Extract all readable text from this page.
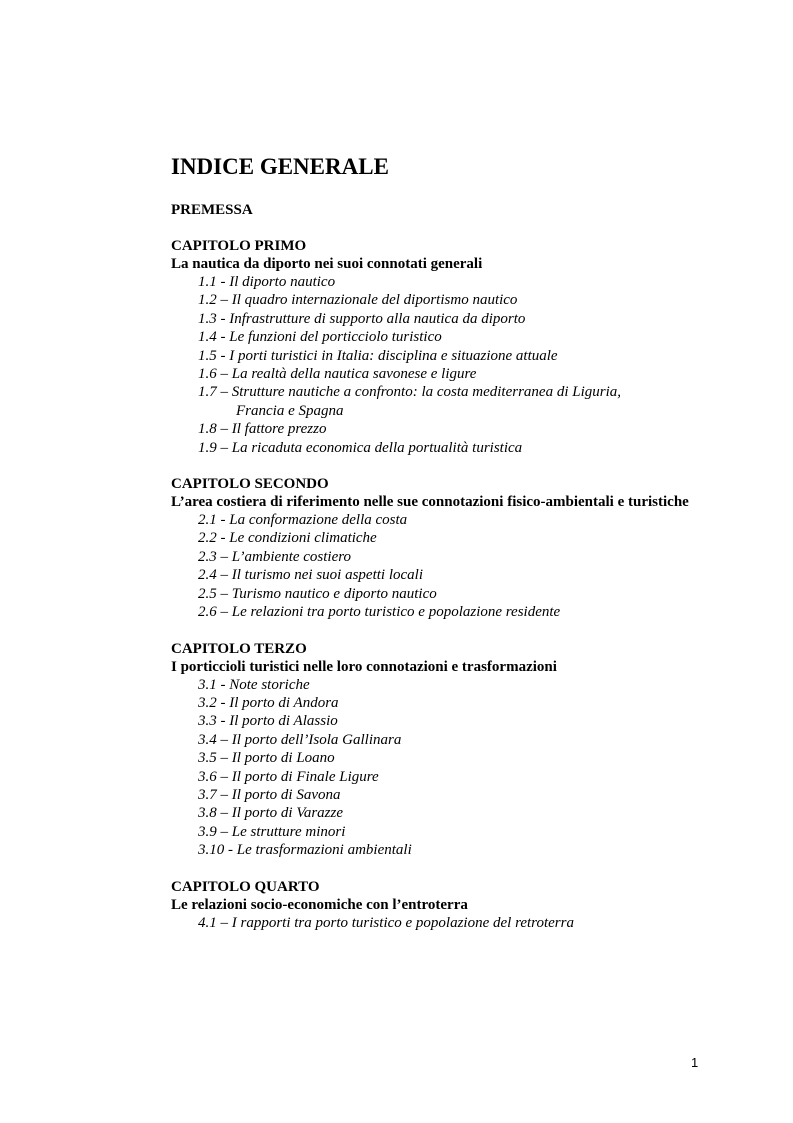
INDICE GENERALE
PREMESSA
CAPITOLO PRIMO
La nautica da diporto nei suoi connotati generali
1.1 - Il diporto nautico
1.2 – Il quadro internazionale del diportismo nautico
1.3 - Infrastrutture di supporto alla nautica da diporto
1.4 - Le funzioni del porticciolo turistico
1.5 - I porti turistici in Italia: disciplina e situazione attuale
1.6 – La realtà della nautica savonese e ligure
1.7 – Strutture nautiche a confronto: la costa mediterranea di Liguria, Francia e Spagna
1.8 – Il fattore prezzo
1.9 – La ricaduta economica della portualità turistica
CAPITOLO SECONDO
L’area costiera di riferimento nelle sue connotazioni fisico-ambientali e turistiche
2.1 - La conformazione della costa
2.2 - Le condizioni climatiche
2.3 – L’ambiente costiero
2.4 – Il turismo nei suoi aspetti locali
2.5 – Turismo nautico e diporto nautico
2.6 – Le relazioni tra porto turistico e popolazione residente
CAPITOLO TERZO
I porticcioli turistici nelle loro connotazioni e trasformazioni
3.1 - Note storiche
3.2 - Il porto di Andora
3.3 - Il porto di Alassio
3.4 – Il porto dell’Isola Gallinara
3.5 – Il porto di Loano
3.6 – Il porto di Finale Ligure
3.7 – Il porto di Savona
3.8 – Il porto di Varazze
3.9 – Le strutture minori
3.10 - Le trasformazioni ambientali
CAPITOLO QUARTO
Le relazioni socio-economiche con l’entroterra
4.1 – I rapporti tra porto turistico e popolazione del retroterra
1
